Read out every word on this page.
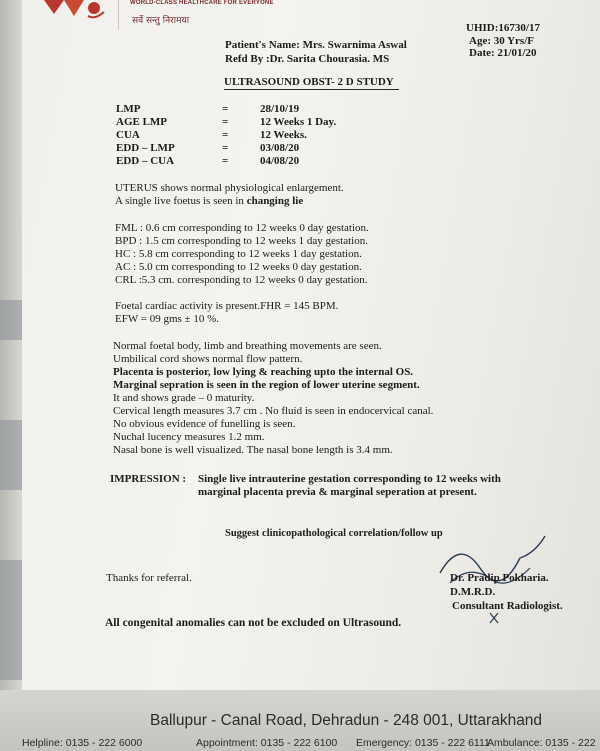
WORLD-CLASS HEALTHCARE FOR EVERYONE
सर्वे सन्तु निरामया
UHID:16730/17
Age: 30 Yrs/F
Date: 21/01/20
Patient's Name: Mrs. Swarnima Aswal
Refd By :Dr. Sarita Chourasia. MS
ULTRASOUND OBST- 2 D STUDY
LMP	=	28/10/19
AGE LMP	=	12 Weeks 1 Day.
CUA	=	12 Weeks.
EDD – LMP	=	03/08/20
EDD – CUA	=	04/08/20
UTERUS shows normal physiological enlargement.
A single live foetus is seen in changing lie
FML : 0.6 cm corresponding to 12 weeks 0 day gestation.
BPD : 1.5 cm corresponding to 12 weeks 1 day gestation.
HC : 5.8 cm corresponding to 12 weeks 1 day gestation.
AC : 5.0 cm corresponding to 12 weeks 0 day gestation.
CRL :5.3 cm. corresponding to 12 weeks 0 day gestation.
Foetal cardiac activity is present.FHR = 145 BPM.
EFW = 09 gms ± 10 %.
Normal foetal body, limb and breathing movements are seen.
Umbilical cord shows normal flow pattern.
Placenta is posterior, low lying & reaching upto the internal OS.
Marginal sepration is seen in the region of lower uterine segment.
It and shows grade – 0 maturity.
Cervical length measures 3.7 cm . No fluid is seen in endocervical canal.
No obvious evidence of funelling is seen.
Nuchal lucency measures 1.2 mm.
Nasal bone is well visualized. The nasal bone length is 3.4 mm.
IMPRESSION : Single live intrauterine gestation corresponding to 12 weeks with
marginal placenta previa & marginal seperation at present.
Suggest clinicopathological correlation/follow up
Thanks for referral.	Dr. Pradip Pokharia.
D.M.R.D.
Consultant Radiologist.
All congenital anomalies can not be excluded on Ultrasound.
Ballupur - Canal Road, Dehradun - 248 001, Uttarakhand
Helpline: 0135 - 222 6000	Appointment: 0135 - 222 6100 Emergency: 0135 - 222 6111
Ambulance: 0135 - 222
